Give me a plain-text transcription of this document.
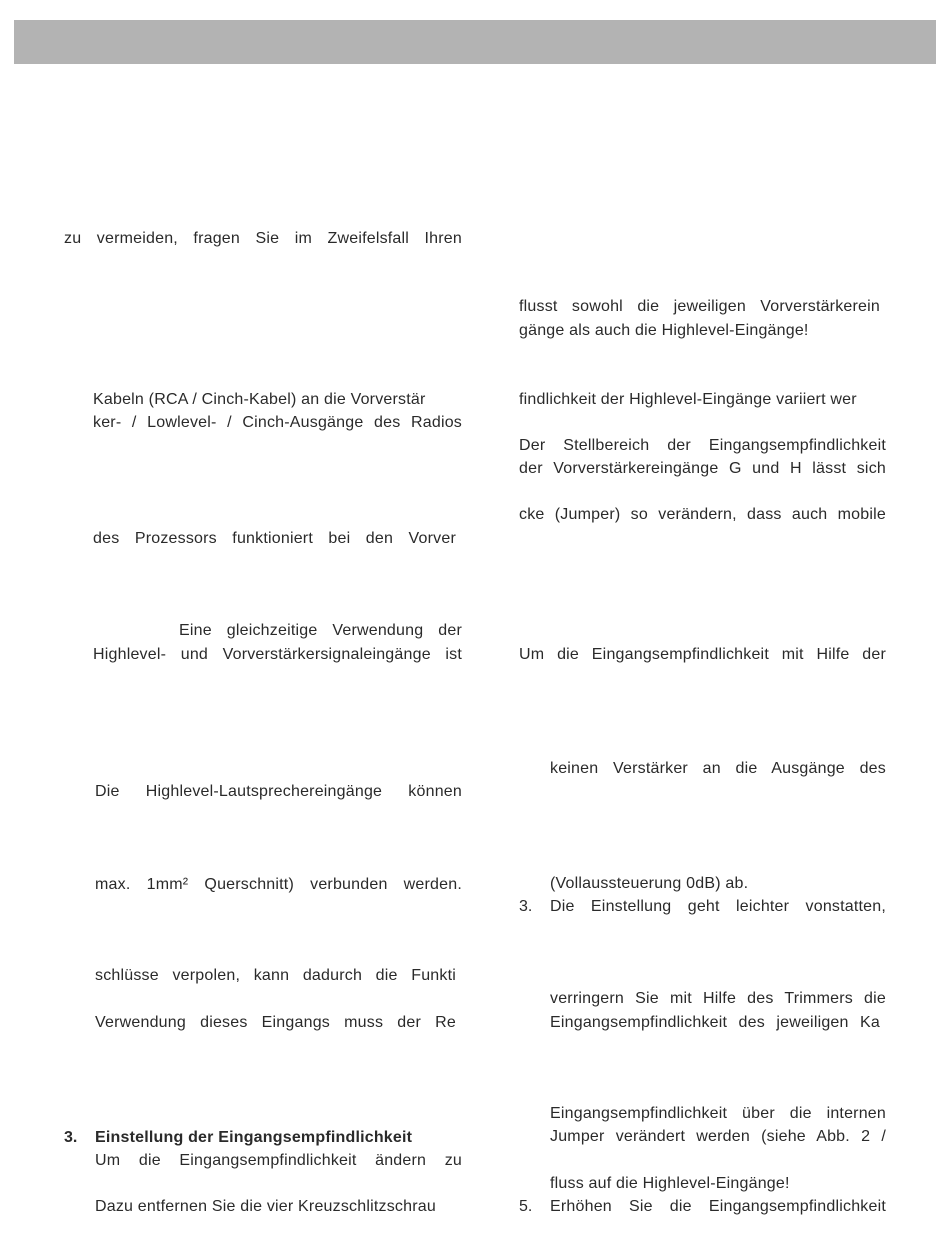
zu vermeiden, fragen Sie im Zweifelsfall Ihren
Kabeln (RCA / Cinch-Kabel) an die Vorverstär
ker- / Lowlevel- / Cinch-Ausgänge des Radios
des Prozessors funktioniert bei den Vorver
Eine gleichzeitige Verwendung der
Highlevel- und Vorverstärkersignaleingänge ist
Die Highlevel-Lautsprechereingänge können
max. 1mm² Querschnitt) verbunden werden.
schlüsse verpolen, kann dadurch die Funkti
Verwendung dieses Eingangs muss der Re
3. Einstellung der Eingangsempfindlichkeit
Um die Eingangsempfindlichkeit ändern zu
Dazu entfernen Sie die vier Kreuzschlitzschrau
flusst sowohl die jeweiligen Vorverstärkerein
gänge als auch die Highlevel-Eingänge!
findlichkeit der Highlevel-Eingänge variiert wer
Der Stellbereich der Eingangsempfindlichkeit
der Vorverstärkereingänge G und H lässt sich
cke (Jumper) so verändern, dass auch mobile
Um die Eingangsempfindlichkeit mit Hilfe der
keinen Verstärker an die Ausgänge des
(Vollaussteuerung 0dB) ab.
3. Die Einstellung geht leichter vonstatten,
verringern Sie mit Hilfe des Trimmers die
Eingangsempfindlichkeit des jeweiligen Ka
Eingangsempfindlichkeit über die internen
Jumper verändert werden (siehe Abb. 2 /
fluss auf die Highlevel-Eingänge!
5. Erhöhen Sie die Eingangsempfindlichkeit
